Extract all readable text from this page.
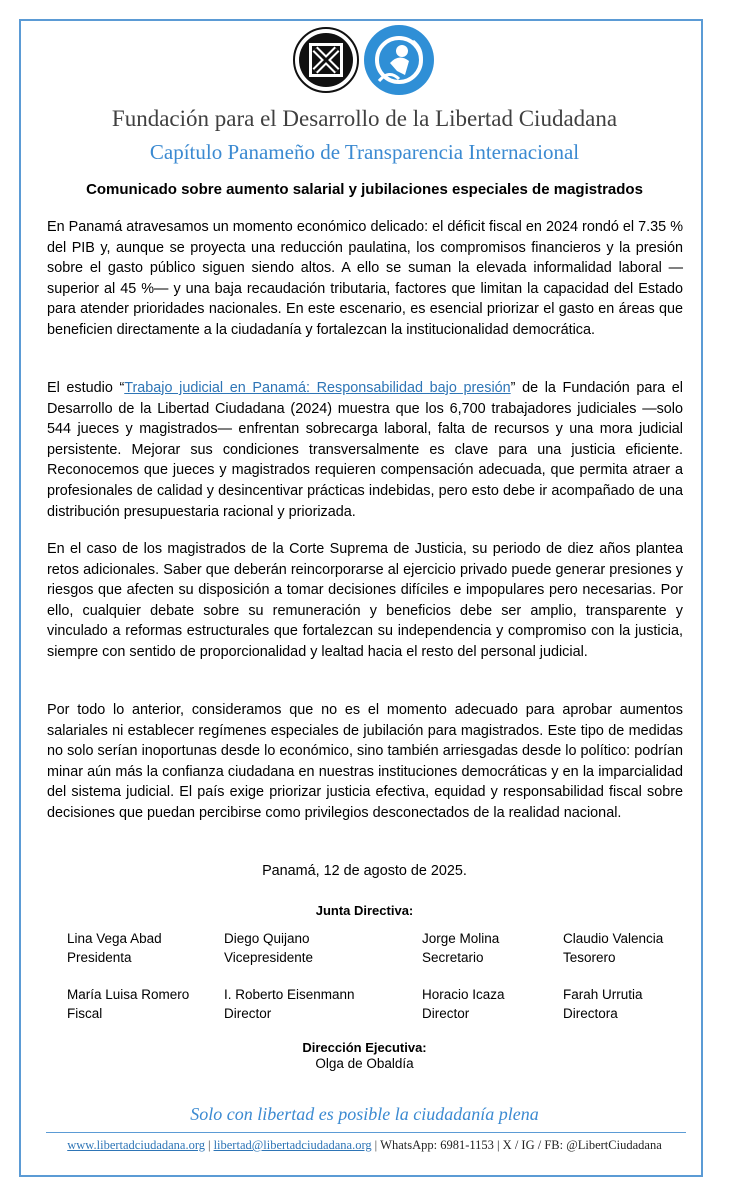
Fundación para el Desarrollo de la Libertad Ciudadana
Capítulo Panameño de Transparencia Internacional
Comunicado sobre aumento salarial y jubilaciones especiales de magistrados

En Panamá atravesamos un momento económico delicado: el déficit fiscal en 2024 rondó el 7.35 % del PIB y, aunque se proyecta una reducción paulatina, los compromisos financieros y la presión sobre el gasto público siguen siendo altos. A ello se suman la elevada informalidad laboral —superior al 45 %— y una baja recaudación tributaria, factores que limitan la capacidad del Estado para atender prioridades nacionales. En este escenario, es esencial priorizar el gasto en áreas que beneficien directamente a la ciudadanía y fortalezcan la institucionalidad democrática.

El estudio “Trabajo judicial en Panamá: Responsabilidad bajo presión” de la Fundación para el Desarrollo de la Libertad Ciudadana (2024) muestra que los 6,700 trabajadores judiciales —solo 544 jueces y magistrados— enfrentan sobrecarga laboral, falta de recursos y una mora judicial persistente. Mejorar sus condiciones transversalmente es clave para una justicia eficiente. Reconocemos que jueces y magistrados requieren compensación adecuada, que permita atraer a profesionales de calidad y desincentivar prácticas indebidas, pero esto debe ir acompañado de una distribución presupuestaria racional y priorizada.

En el caso de los magistrados de la Corte Suprema de Justicia, su periodo de diez años plantea retos adicionales. Saber que deberán reincorporarse al ejercicio privado puede generar presiones y riesgos que afecten su disposición a tomar decisiones difíciles e impopulares pero necesarias. Por ello, cualquier debate sobre su remuneración y beneficios debe ser amplio, transparente y vinculado a reformas estructurales que fortalezcan su independencia y compromiso con la justicia, siempre con sentido de proporcionalidad y lealtad hacia el resto del personal judicial.

Por todo lo anterior, consideramos que no es el momento adecuado para aprobar aumentos salariales ni establecer regímenes especiales de jubilación para magistrados. Este tipo de medidas no solo serían inoportunas desde lo económico, sino también arriesgadas desde lo político: podrían minar aún más la confianza ciudadana en nuestras instituciones democráticas y en la imparcialidad del sistema judicial. El país exige priorizar justicia efectiva, equidad y responsabilidad fiscal sobre decisiones que puedan percibirse como privilegios desconectados de la realidad nacional.

Panamá, 12 de agosto de 2025.
Junta Directiva:
Lina Vega Abad
Presidenta
Diego Quijano
Vicepresidente
Jorge Molina
Secretario
Claudio Valencia
Tesorero
María Luisa Romero
Fiscal
I. Roberto Eisenmann
Director
Horacio Icaza
Director
Farah Urrutia
Directora
Dirección Ejecutiva:
Olga de Obaldía
Solo con libertad es posible la ciudadanía plena
www.libertadciudadana.org | libertad@libertadciudadana.org | WhatsApp: 6981-1153 | X / IG / FB: @LibertCiudadana
